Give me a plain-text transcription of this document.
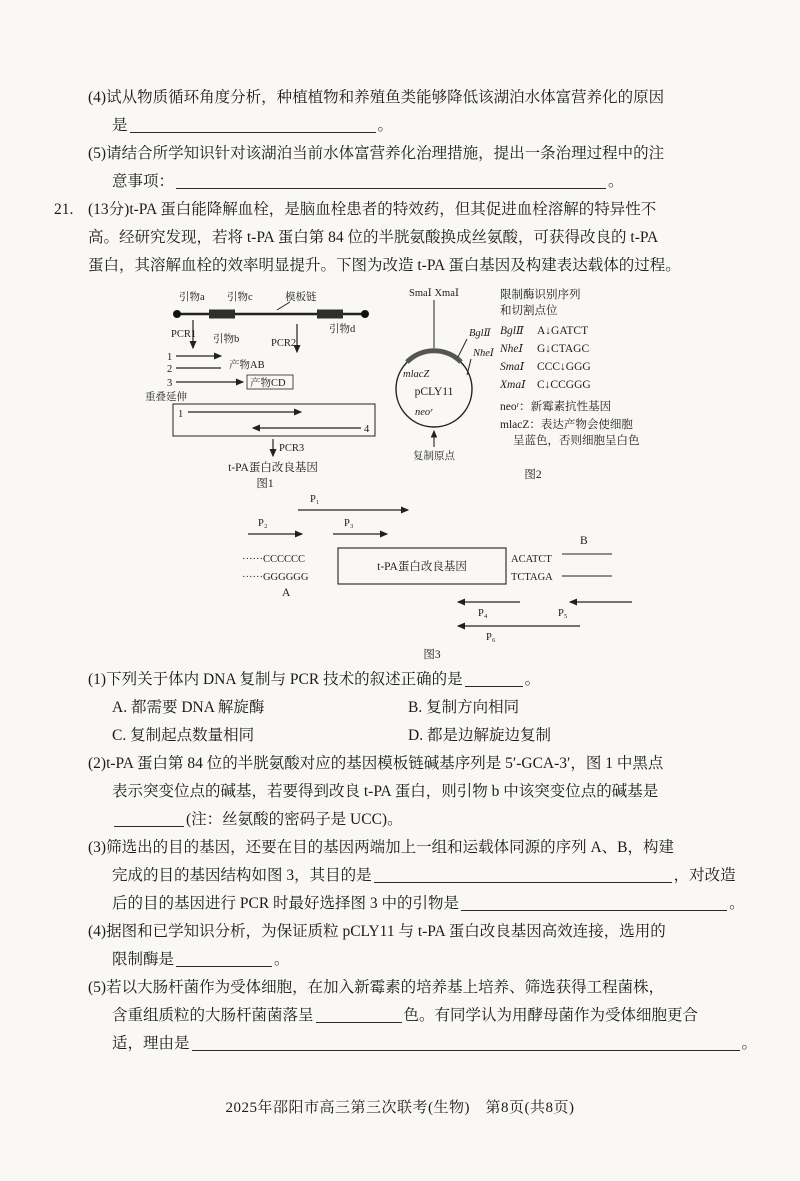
(4)试从物质循环角度分析，种植植物和养殖鱼类能够降低该湖泊水体富营养化的原因
是	。
(5)请结合所学知识针对该湖泊当前水体富营养化治理措施，提出一条治理过程中的注
意事项：	。
21. (13分)t-PA 蛋白能降解血栓，是脑血栓患者的特效药，但其促进血栓溶解的特异性不
高。经研究发现，若将 t-PA 蛋白第 84 位的半胱氨酸换成丝氨酸，可获得改良的 t-PA
蛋白，其溶解血栓的效率明显提升。下图为改造 t-PA 蛋白基因及构建表达载体的过程。
引物a 引物c	模板链
PCR1 引物b
引物d
PCR2
1
2	产物AB
3	产物CD
重叠延伸
1
4
PCR3
t-PA蛋白改良基因
图1
SmaⅠ XmaⅠ
BglⅡ
NheⅠ
mlacZ
pCLY11
neoʳ
复制原点
限制酶识别序列
和切割点位
BglⅡ A↓GATCT
NheⅠ G↓CTAGC
SmaⅠ CCC↓GGG
XmaⅠ C↓CCGGG
neoʳ：新霉素抗性基因
mlacZ：表达产物会使细胞
呈蓝色，否则细胞呈白色
图2
P₁
P₂	P₃
······CCCCCC
······GGGGGG
t-PA蛋白改良基因
ACATCT
TCTAGA
B
A
P₄	P₅
P₆
图3
(1)下列关于体内 DNA 复制与 PCR 技术的叙述正确的是	。
A. 都需要 DNA 解旋酶	B. 复制方向相同
C. 复制起点数量相同	D. 都是边解旋边复制
(2)t-PA 蛋白第 84 位的半胱氨酸对应的基因模板链碱基序列是 5′-GCA-3′，图 1 中黑点
表示突变位点的碱基，若要得到改良 t-PA 蛋白，则引物 b 中该突变位点的碱基是
(注：丝氨酸的密码子是 UCC)。
(3)筛选出的目的基因，还要在目的基因两端加上一组和运载体同源的序列 A、B，构建
完成的目的基因结构如图 3，其目的是	，对改造
后的目的基因进行 PCR 时最好选择图 3 中的引物是	。
(4)据图和已学知识分析，为保证质粒 pCLY11 与 t-PA 蛋白改良基因高效连接，选用的
限制酶是	。
(5)若以大肠杆菌作为受体细胞，在加入新霉素的培养基上培养、筛选获得工程菌株，
含重组质粒的大肠杆菌菌落呈	色。有同学认为用酵母菌作为受体细胞更合
适，理由是	。
2025年邵阳市高三第三次联考(生物)　第8页(共8页)
